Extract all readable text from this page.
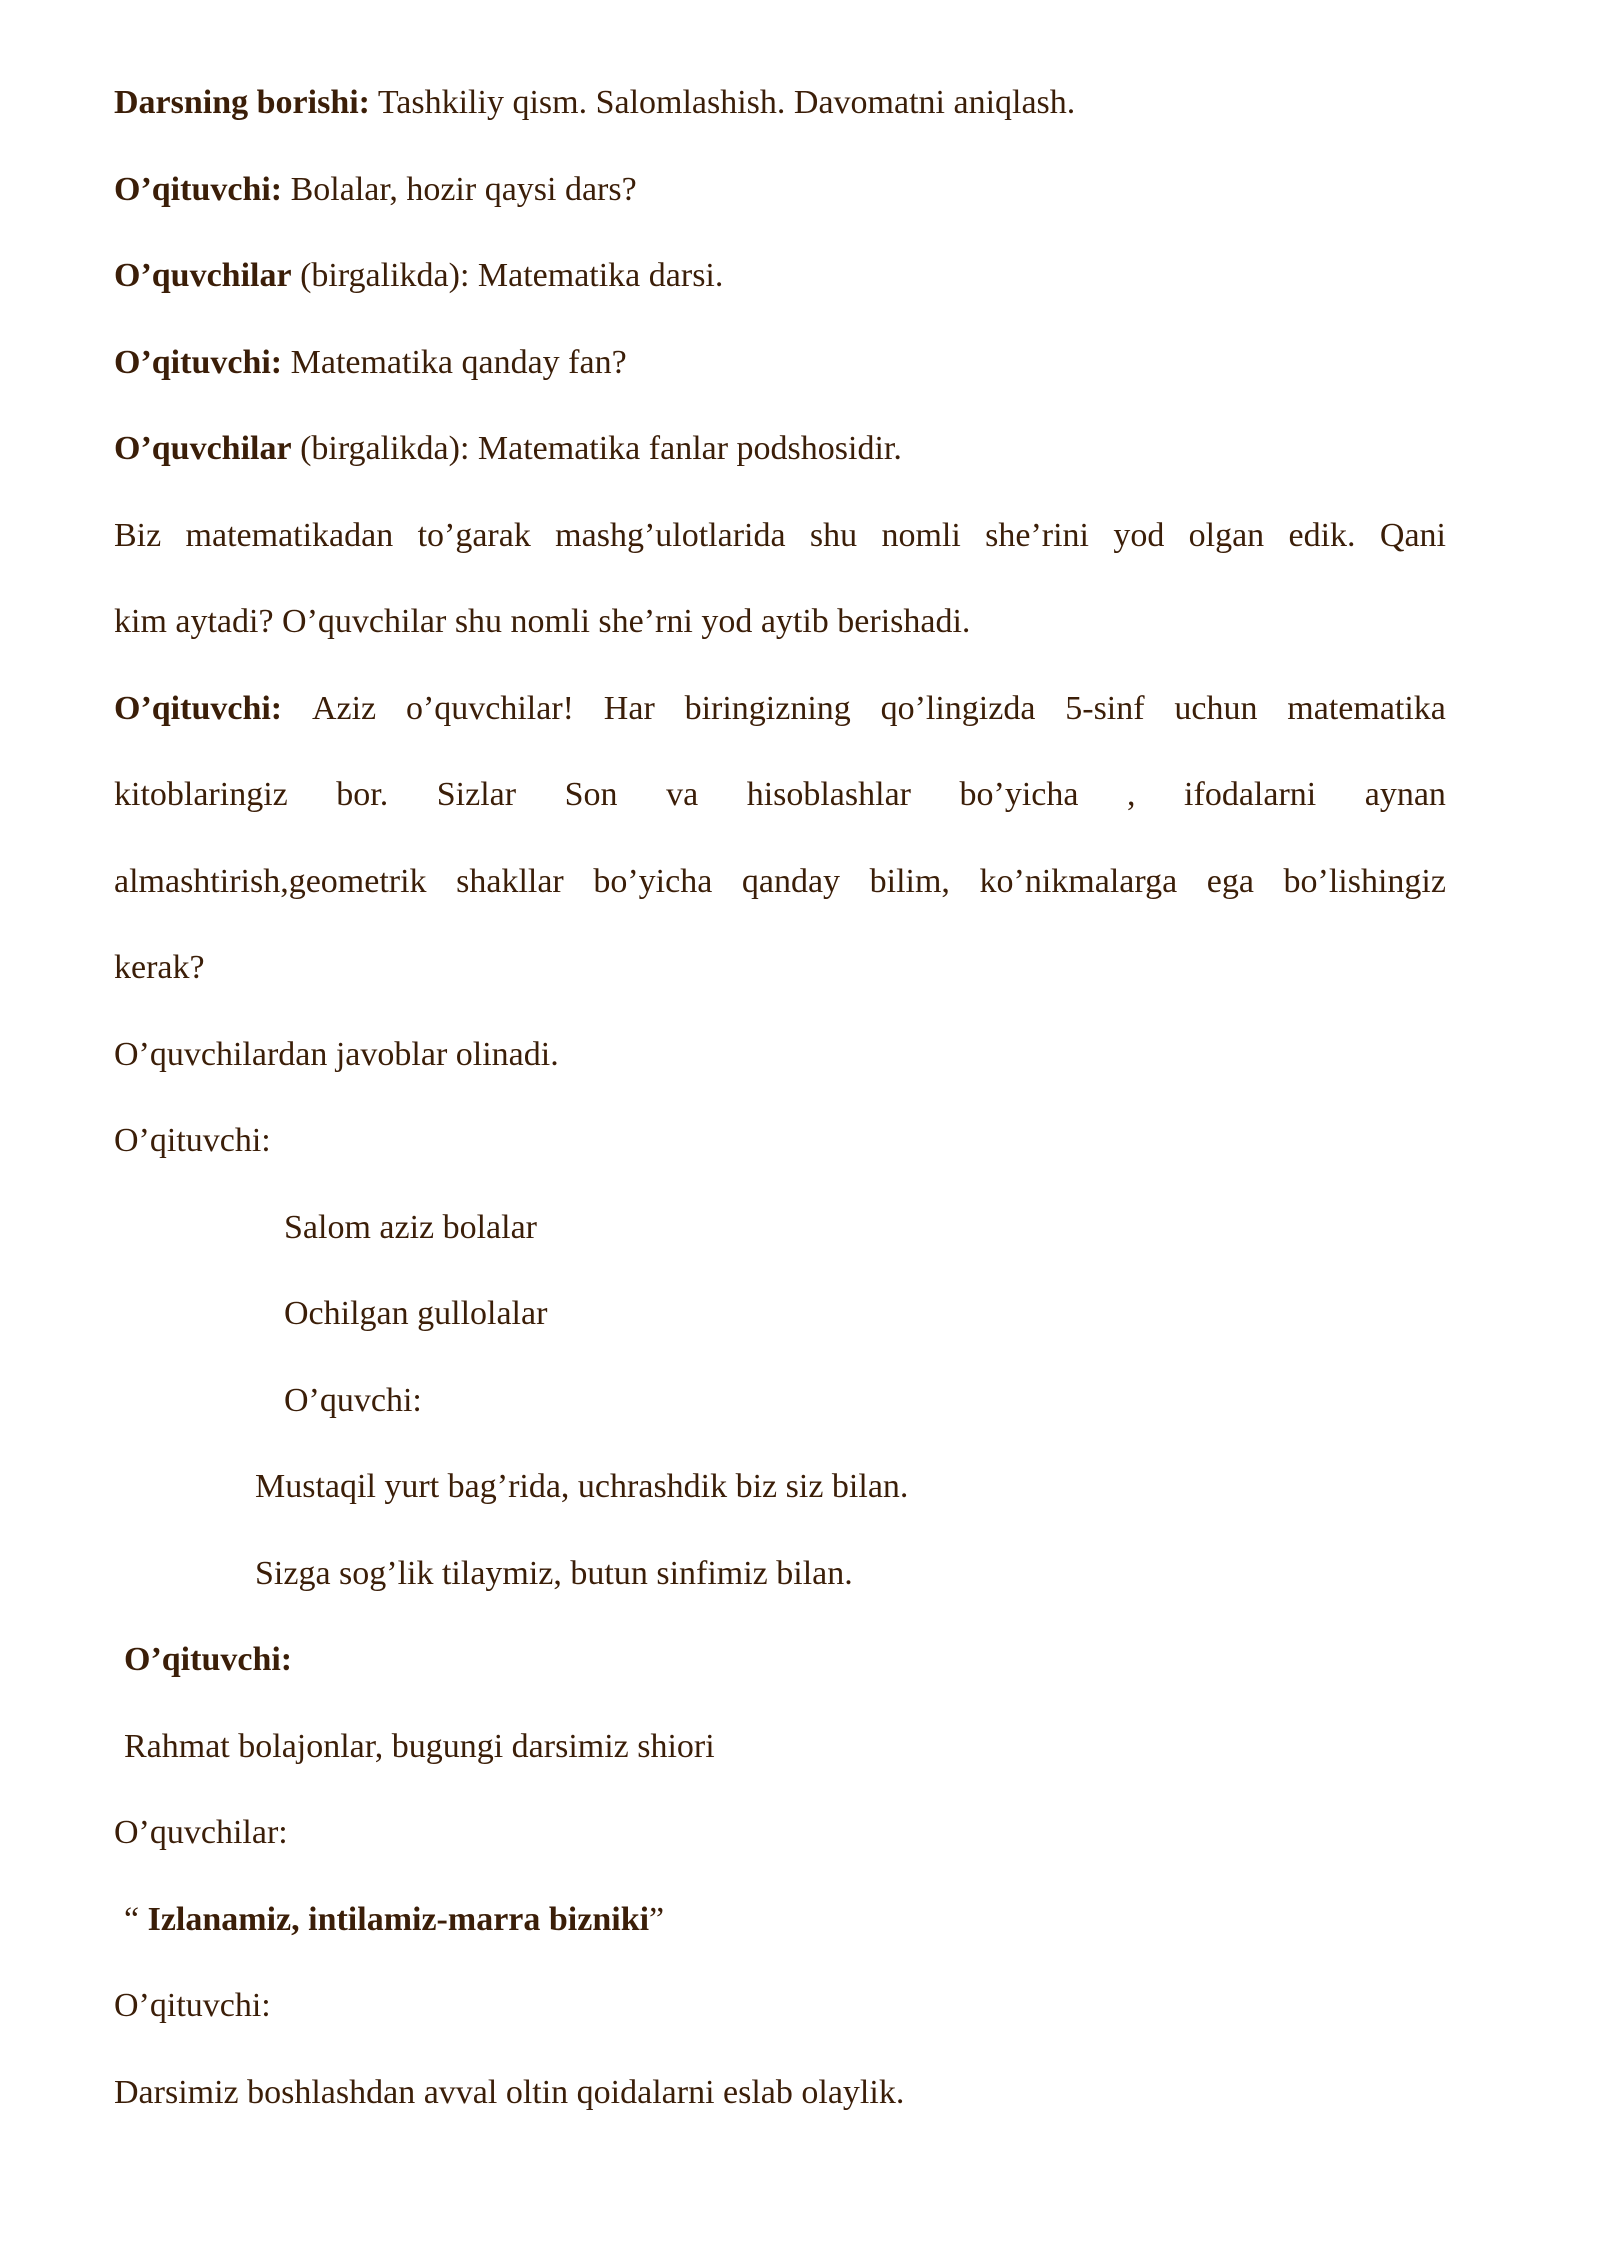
Darsning borishi: Tashkiliy qism. Salomlashish. Davomatni aniqlash.

O’qituvchi: Bolalar, hozir qaysi dars?

O’quvchilar (birgalikda): Matematika darsi.

O’qituvchi: Matematika qanday fan?

O’quvchilar (birgalikda): Matematika fanlar podshosidir.

Biz matematikadan to’garak mashg’ulotlarida shu nomli she’rini yod olgan edik. Qani

kim aytadi? O’quvchilar shu nomli she’rni yod aytib berishadi.

O’qituvchi: Aziz o’quvchilar! Har biringizning qo’lingizda 5-sinf uchun matematika

kitoblaringiz bor. Sizlar Son va hisoblashlar bo’yicha , ifodalarni aynan

almashtirish,geometrik shakllar bo’yicha qanday bilim, ko’nikmalarga ega bo’lishingiz

kerak?

O’quvchilardan javoblar olinadi.

O’qituvchi:

Salom aziz bolalar

Ochilgan gullolalar

O’quvchi:

Mustaqil yurt bag’rida, uchrashdik biz siz bilan.

Sizga sog’lik tilaymiz, butun sinfimiz bilan.

O’qituvchi:

Rahmat bolajonlar, bugungi darsimiz shiori

O’quvchilar:

“ Izlanamiz, intilamiz-marra bizniki”

O’qituvchi:

Darsimiz boshlashdan avval oltin qoidalarni eslab olaylik.
